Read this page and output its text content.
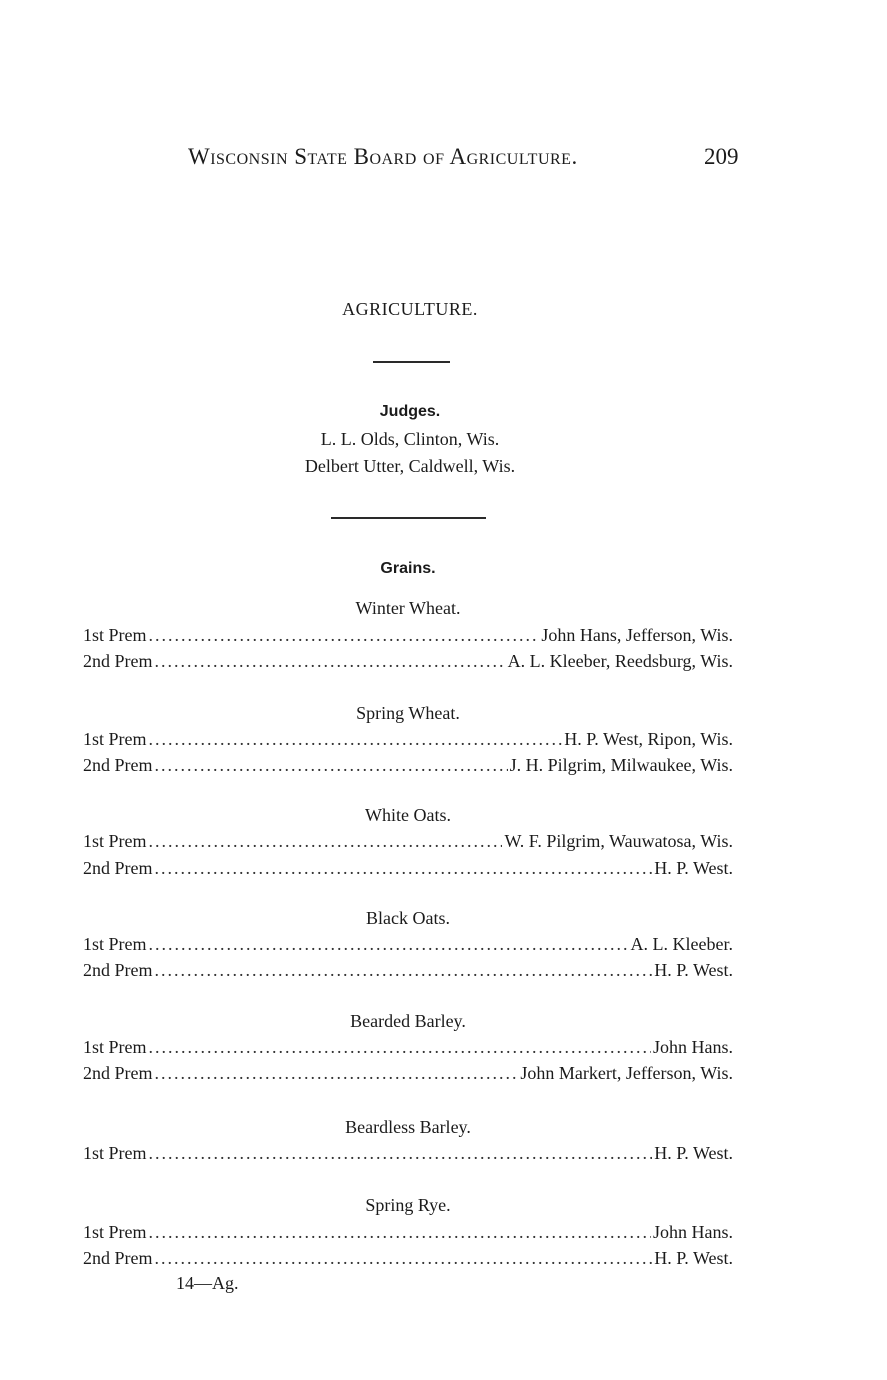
Wisconsin State Board of Agriculture.	209
AGRICULTURE.
Judges.
L. L. Olds, Clinton, Wis.
Delbert Utter, Caldwell, Wis.
Grains.
Winter Wheat.
1st Prem .....	John Hans, Jefferson, Wis.
2nd Prem .....	A. L. Kleeber, Reedsburg, Wis.
Spring Wheat.
1st Prem .....	H. P. West, Ripon, Wis.
2nd Prem .....	J. H. Pilgrim, Milwaukee, Wis.
White Oats.
1st Prem .....	W. F. Pilgrim, Wauwatosa, Wis.
2nd Prem .....	H. P. West.
Black Oats.
1st Prem .....	A. L. Kleeber.
2nd Prem .....	H. P. West.
Bearded Barley.
1st Prem .....	John Hans.
2nd Prem .....	John Markert, Jefferson, Wis.
Beardless Barley.
1st Prem .....	H. P. West.
Spring Rye.
1st Prem .....	John Hans.
2nd Prem .....	H. P. West.
14—Ag.
